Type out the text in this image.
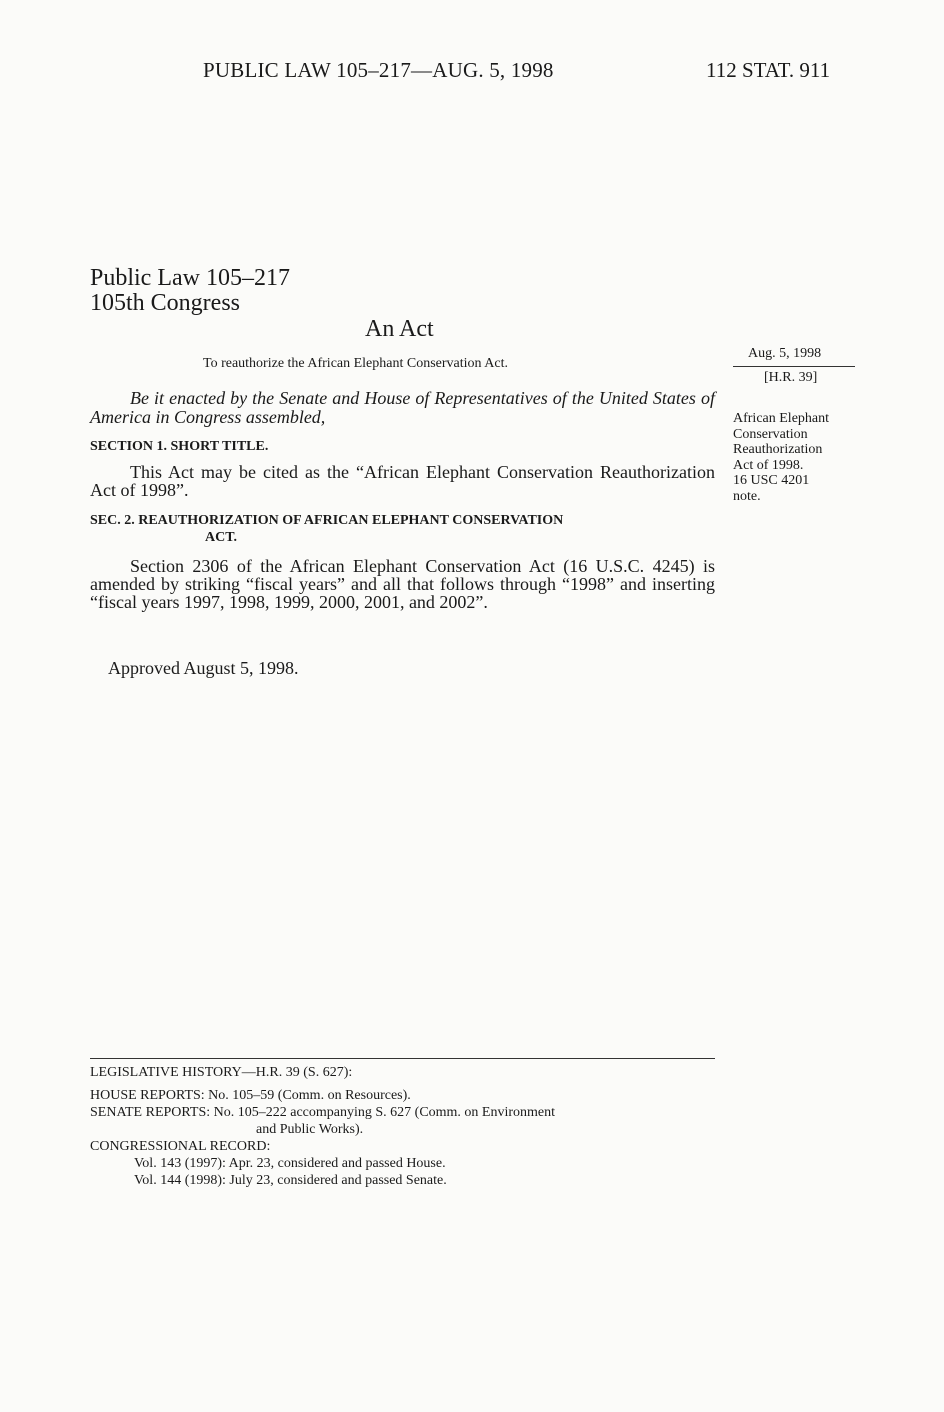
PUBLIC LAW 105–217—AUG. 5, 1998	112 STAT. 911
Public Law 105–217
105th Congress
An Act
To reauthorize the African Elephant Conservation Act.
Aug. 5, 1998
[H.R. 39]
Be it enacted by the Senate and House of Representatives of the United States of America in Congress assembled,
SECTION 1. SHORT TITLE.
This Act may be cited as the “African Elephant Conservation Reauthorization Act of 1998”.
African Elephant
Conservation
Reauthorization
Act of 1998.
16 USC 4201
note.
SEC. 2. REAUTHORIZATION OF AFRICAN ELEPHANT CONSERVATION
ACT.
Section 2306 of the African Elephant Conservation Act (16 U.S.C. 4245) is amended by striking “fiscal years” and all that follows through “1998” and inserting “fiscal years 1997, 1998, 1999, 2000, 2001, and 2002”.
Approved August 5, 1998.
LEGISLATIVE HISTORY—H.R. 39 (S. 627):
HOUSE REPORTS: No. 105–59 (Comm. on Resources).
SENATE REPORTS: No. 105–222 accompanying S. 627 (Comm. on Environment
and Public Works).
CONGRESSIONAL RECORD:
Vol. 143 (1997): Apr. 23, considered and passed House.
Vol. 144 (1998): July 23, considered and passed Senate.
